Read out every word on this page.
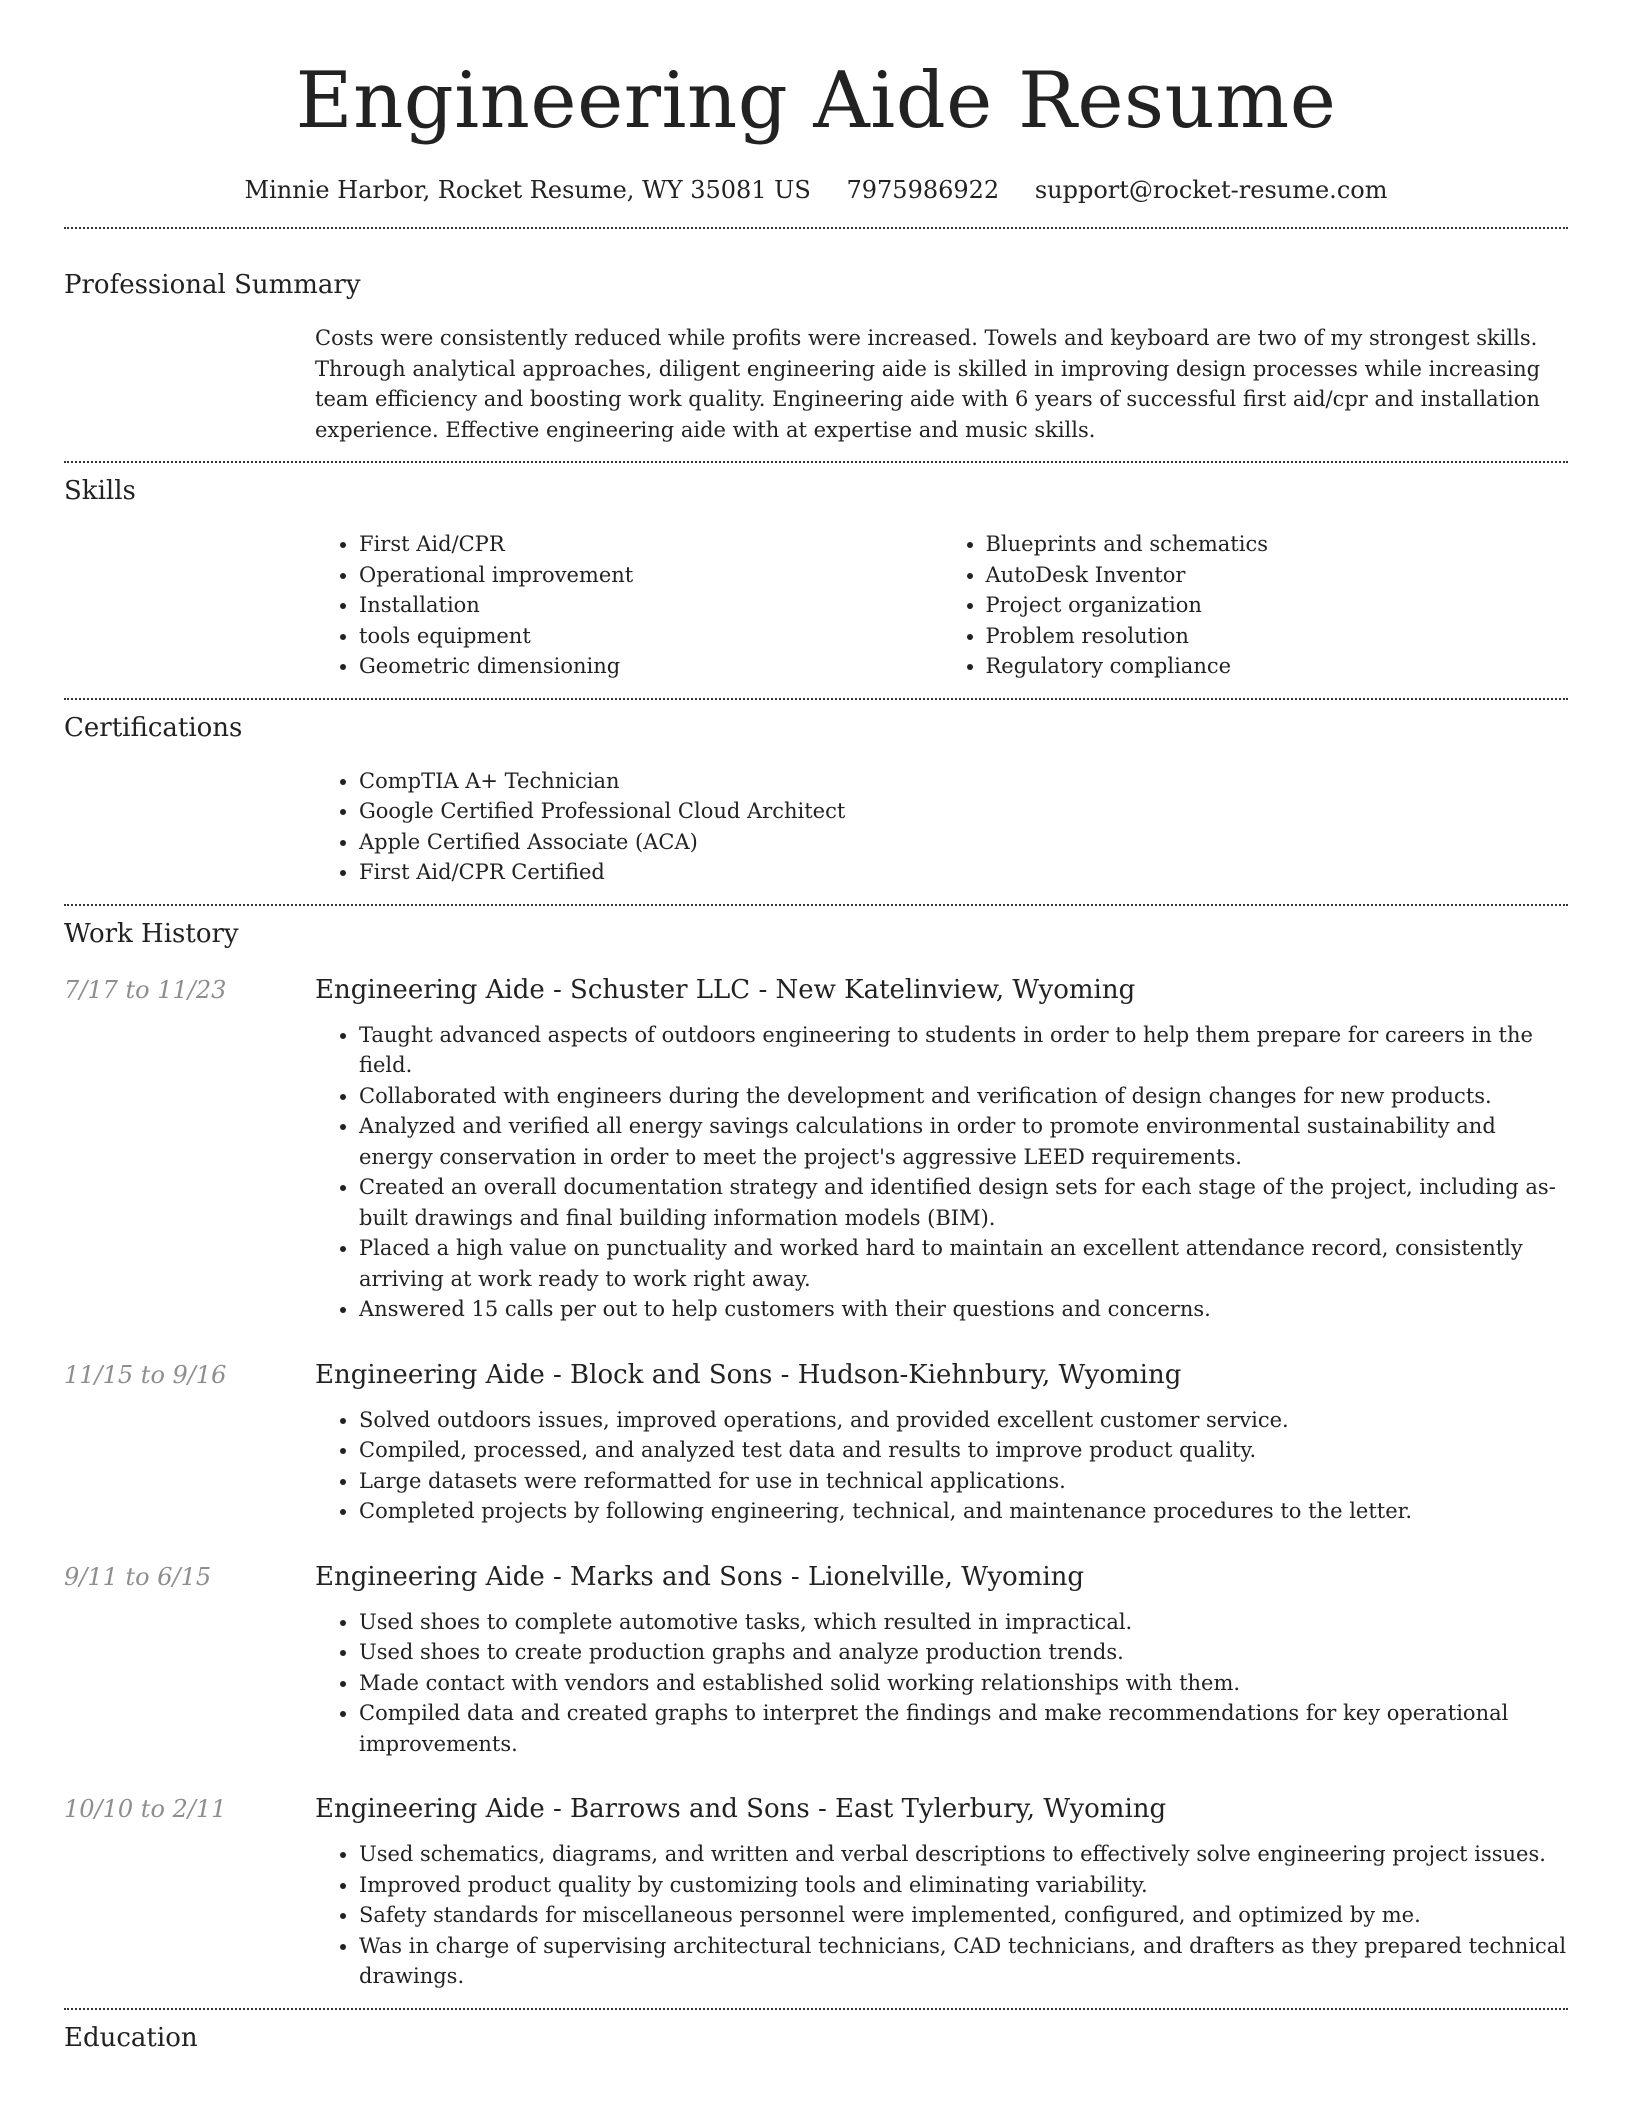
Engineering Aide Resume
Minnie Harbor, Rocket Resume, WY 35081 US 7975986922 support@rocket-resume.com
Professional Summary
Costs were consistently reduced while profits were increased. Towels and keyboard are two of my strongest skills. Through analytical approaches, diligent engineering aide is skilled in improving design processes while increasing team efficiency and boosting work quality. Engineering aide with 6 years of successful first aid/cpr and installation experience. Effective engineering aide with at expertise and music skills.
Skills
• First Aid/CPR
• Operational improvement
• Installation
• tools equipment
• Geometric dimensioning
• Blueprints and schematics
• AutoDesk Inventor
• Project organization
• Problem resolution
• Regulatory compliance
Certifications
• CompTIA A+ Technician
• Google Certified Professional Cloud Architect
• Apple Certified Associate (ACA)
• First Aid/CPR Certified
Work History
7/17 to 11/23	Engineering Aide - Schuster LLC - New Katelinview, Wyoming
• Taught advanced aspects of outdoors engineering to students in order to help them prepare for careers in the field.
• Collaborated with engineers during the development and verification of design changes for new products.
• Analyzed and verified all energy savings calculations in order to promote environmental sustainability and energy conservation in order to meet the project's aggressive LEED requirements.
• Created an overall documentation strategy and identified design sets for each stage of the project, including as-built drawings and final building information models (BIM).
• Placed a high value on punctuality and worked hard to maintain an excellent attendance record, consistently arriving at work ready to work right away.
• Answered 15 calls per out to help customers with their questions and concerns.
11/15 to 9/16	Engineering Aide - Block and Sons - Hudson-Kiehnbury, Wyoming
• Solved outdoors issues, improved operations, and provided excellent customer service.
• Compiled, processed, and analyzed test data and results to improve product quality.
• Large datasets were reformatted for use in technical applications.
• Completed projects by following engineering, technical, and maintenance procedures to the letter.
9/11 to 6/15	Engineering Aide - Marks and Sons - Lionelville, Wyoming
• Used shoes to complete automotive tasks, which resulted in impractical.
• Used shoes to create production graphs and analyze production trends.
• Made contact with vendors and established solid working relationships with them.
• Compiled data and created graphs to interpret the findings and make recommendations for key operational improvements.
10/10 to 2/11	Engineering Aide - Barrows and Sons - East Tylerbury, Wyoming
• Used schematics, diagrams, and written and verbal descriptions to effectively solve engineering project issues.
• Improved product quality by customizing tools and eliminating variability.
• Safety standards for miscellaneous personnel were implemented, configured, and optimized by me.
• Was in charge of supervising architectural technicians, CAD technicians, and drafters as they prepared technical drawings.
Education
